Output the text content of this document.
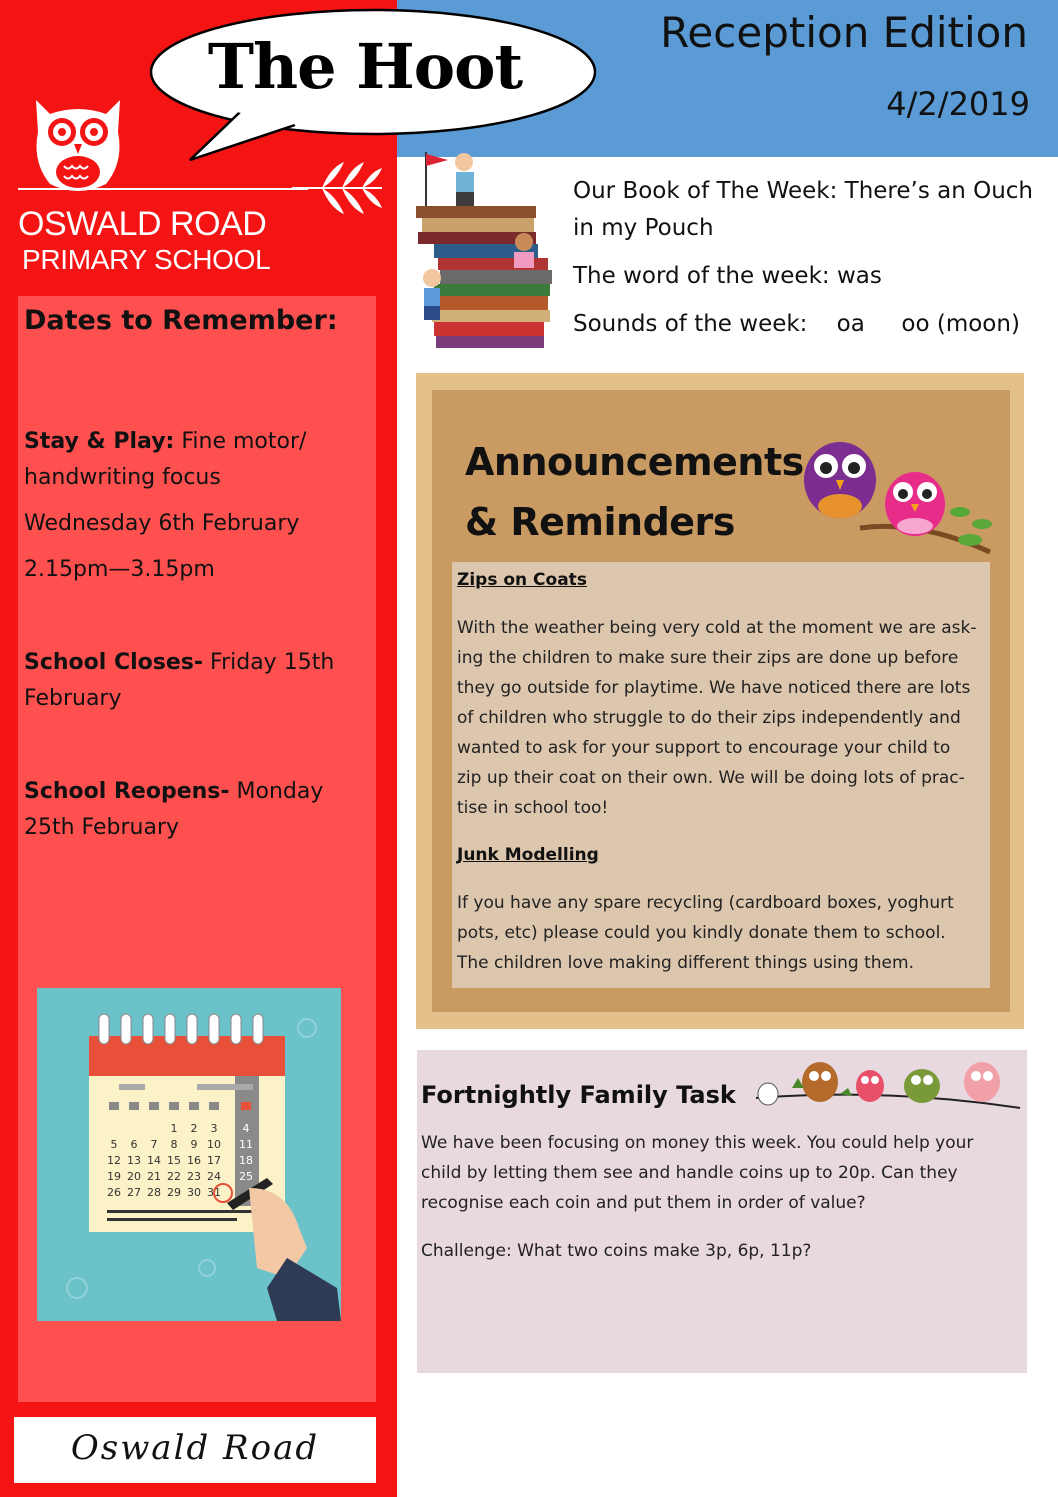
The Hoot	Reception Edition
4/2/2019
OSWALD ROAD
PRIMARY SCHOOL
Dates to Remember:
Stay & Play: Fine motor/
handwriting focus
Wednesday 6th February
2.15pm—3.15pm
School Closes- Friday 15th
February
School Reopens- Monday
25th February
1 2 3 4
5 6 7 8 9 10 11
12 13 14 15 16 17 18
19 20 21 22 23 24 25
26 27 28 29 30 31
Oswald Road
Our Book of The Week: There’s an Ouch
in my Pouch
The word of the week: was
Sounds of the week:    oa     oo (moon)
Announcements
& Reminders
Zips on Coats
With the weather being very cold at the moment we are ask-
ing the children to make sure their zips are done up before
they go outside for playtime. We have noticed there are lots
of children who struggle to do their zips independently and
wanted to ask for your support to encourage your child to
zip up their coat on their own. We will be doing lots of prac-
tise in school too!
Junk Modelling
If you have any spare recycling (cardboard boxes, yoghurt
pots, etc) please could you kindly donate them to school.
The children love making different things using them.
Fortnightly Family Task
We have been focusing on money this week. You could help your
child by letting them see and handle coins up to 20p. Can they
recognise each coin and put them in order of value?
Challenge: What two coins make 3p, 6p, 11p?
